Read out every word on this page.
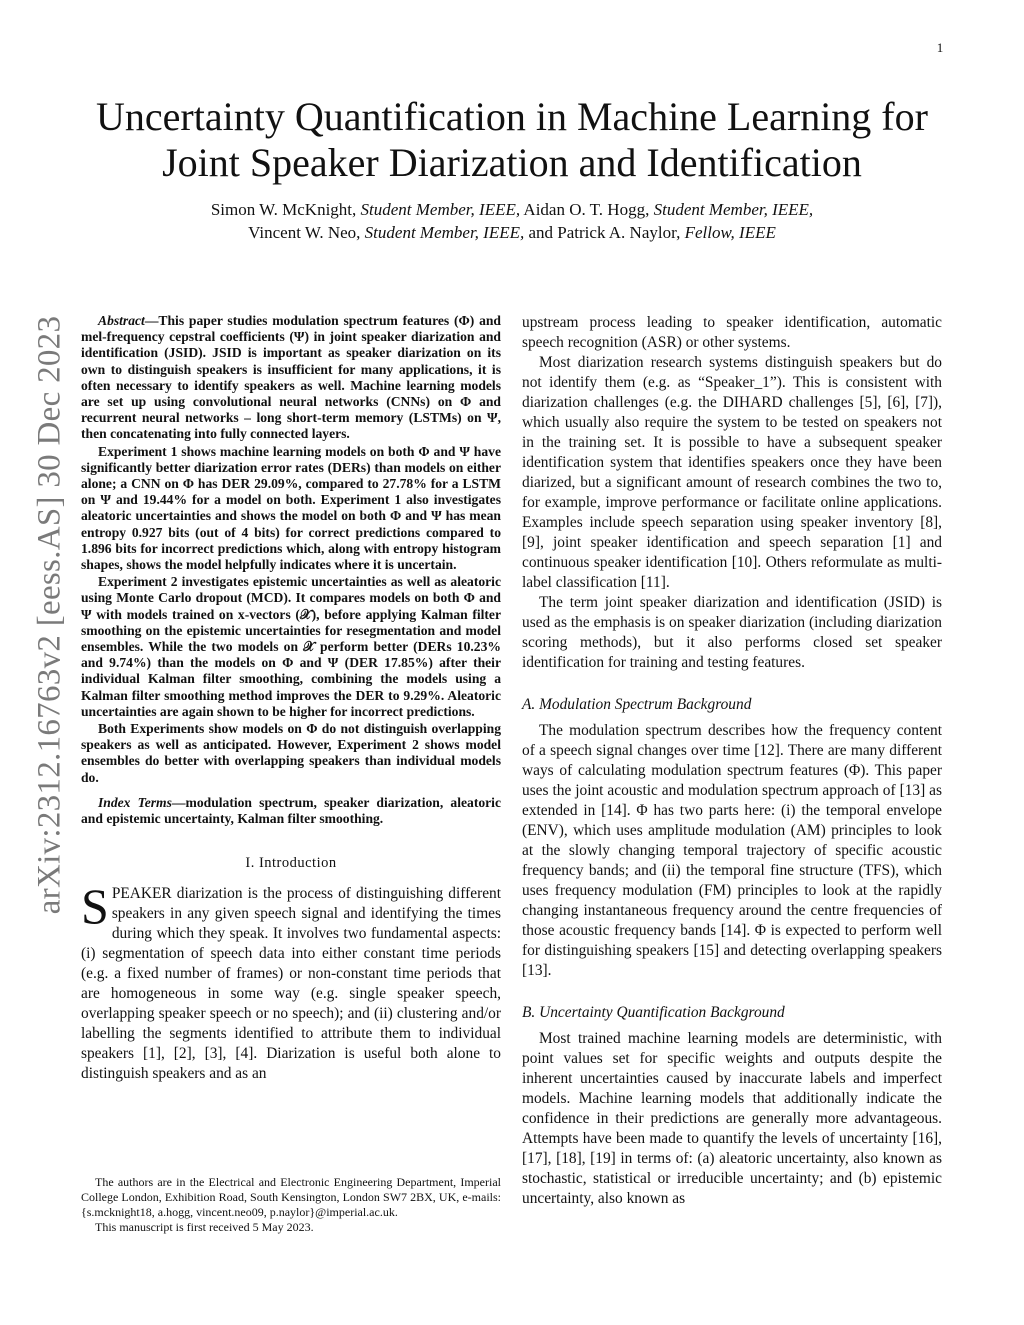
1
arXiv:2312.16763v2 [eess.AS] 30 Dec 2023
Uncertainty Quantification in Machine Learning for
Joint Speaker Diarization and Identification
Simon W. McKnight, Student Member, IEEE, Aidan O. T. Hogg, Student Member, IEEE,
Vincent W. Neo, Student Member, IEEE, and Patrick A. Naylor, Fellow, IEEE

Abstract—This paper studies modulation spectrum features (Φ) and mel-frequency cepstral coefficients (Ψ) in joint speaker diarization and identification (JSID). JSID is important as speaker diarization on its own to distinguish speakers is insufficient for many applications, it is often necessary to identify speakers as well. Machine learning models are set up using convolutional neural networks (CNNs) on Φ and recurrent neural networks – long short-term memory (LSTMs) on Ψ, then concatenating into fully connected layers.

Experiment 1 shows machine learning models on both Φ and Ψ have significantly better diarization error rates (DERs) than models on either alone; a CNN on Φ has DER 29.09%, compared to 27.78% for a LSTM on Ψ and 19.44% for a model on both. Experiment 1 also investigates aleatoric uncertainties and shows the model on both Φ and Ψ has mean entropy 0.927 bits (out of 4 bits) for correct predictions compared to 1.896 bits for incorrect predictions which, along with entropy histogram shapes, shows the model helpfully indicates where it is uncertain.

Experiment 2 investigates epistemic uncertainties as well as aleatoric using Monte Carlo dropout (MCD). It compares models on both Φ and Ψ with models trained on x-vectors (𝒳), before applying Kalman filter smoothing on the epistemic uncertainties for resegmentation and model ensembles. While the two models on 𝒳 perform better (DERs 10.23% and 9.74%) than the models on Φ and Ψ (DER 17.85%) after their individual Kalman filter smoothing, combining the models using a Kalman filter smoothing method improves the DER to 9.29%. Aleatoric uncertainties are again shown to be higher for incorrect predictions.

Both Experiments show models on Φ do not distinguish overlapping speakers as well as anticipated. However, Experiment 2 shows model ensembles do better with overlapping speakers than individual models do.

Index Terms—modulation spectrum, speaker diarization, aleatoric and epistemic uncertainty, Kalman filter smoothing.
I. Introduction

SPEAKER diarization is the process of distinguishing different speakers in any given speech signal and identifying the times during which they speak. It involves two fundamental aspects: (i) segmentation of speech data into either constant time periods (e.g. a fixed number of frames) or non-constant time periods that are homogeneous in some way (e.g. single speaker speech, overlapping speaker speech or no speech); and (ii) clustering and/or labelling the segments identified to attribute them to individual speakers [1], [2], [3], [4]. Diarization is useful both alone to distinguish speakers and as an

The authors are in the Electrical and Electronic Engineering Department, Imperial College London, Exhibition Road, South Kensington, London SW7 2BX, UK, e-mails: {s.mcknight18, a.hogg, vincent.neo09, p.naylor}@imperial.ac.uk.

This manuscript is first received 5 May 2023.

upstream process leading to speaker identification, automatic speech recognition (ASR) or other systems.

Most diarization research systems distinguish speakers but do not identify them (e.g. as “Speaker_1”). This is consistent with diarization challenges (e.g. the DIHARD challenges [5], [6], [7]), which usually also require the system to be tested on speakers not in the training set. It is possible to have a subsequent speaker identification system that identifies speakers once they have been diarized, but a significant amount of research combines the two to, for example, improve performance or facilitate online applications. Examples include speech separation using speaker inventory [8], [9], joint speaker identification and speech separation [1] and continuous speaker identification [10]. Others reformulate as multi-label classification [11].

The term joint speaker diarization and identification (JSID) is used as the emphasis is on speaker diarization (including diarization scoring methods), but it also performs closed set speaker identification for training and testing features.

A. Modulation Spectrum Background

The modulation spectrum describes how the frequency content of a speech signal changes over time [12]. There are many different ways of calculating modulation spectrum features (Φ). This paper uses the joint acoustic and modulation spectrum approach of [13] as extended in [14]. Φ has two parts here: (i) the temporal envelope (ENV), which uses amplitude modulation (AM) principles to look at the slowly changing temporal trajectory of specific acoustic frequency bands; and (ii) the temporal fine structure (TFS), which uses frequency modulation (FM) principles to look at the rapidly changing instantaneous frequency around the centre frequencies of those acoustic frequency bands [14]. Φ is expected to perform well for distinguishing speakers [15] and detecting overlapping speakers [13].

B. Uncertainty Quantification Background

Most trained machine learning models are deterministic, with point values set for specific weights and outputs despite the inherent uncertainties caused by inaccurate labels and imperfect models. Machine learning models that additionally indicate the confidence in their predictions are generally more advantageous. Attempts have been made to quantify the levels of uncertainty [16], [17], [18], [19] in terms of: (a) aleatoric uncertainty, also known as stochastic, statistical or irreducible uncertainty; and (b) epistemic uncertainty, also known as
